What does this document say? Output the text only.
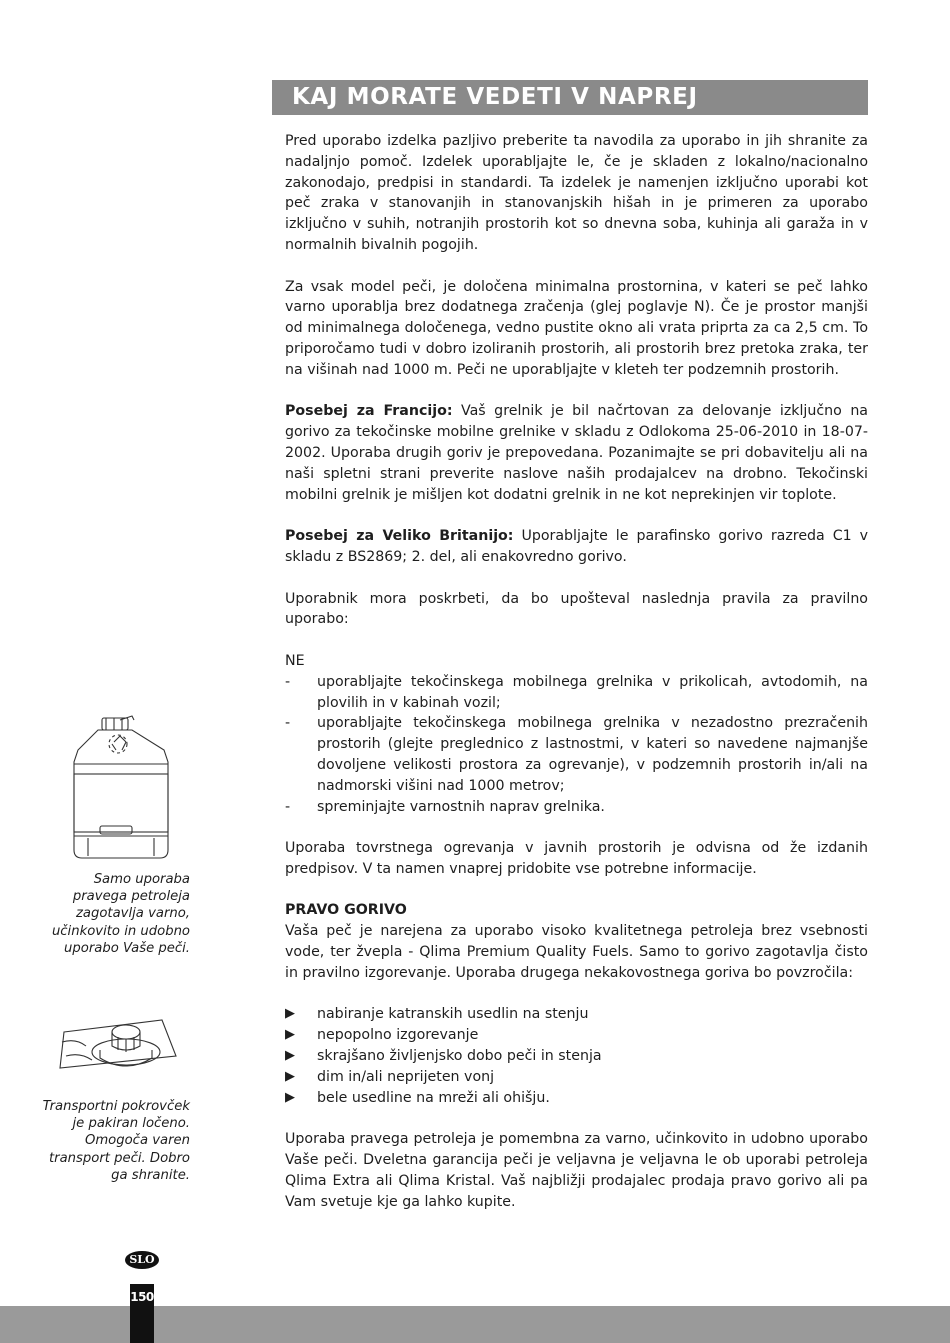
KAJ MORATE VEDETI V NAPREJ

Pred uporabo izdelka pazljivo preberite ta navodila za uporabo in jih shranite za nadaljnjo pomoč. Izdelek uporabljajte le, če je skladen z lokalno/nacionalno zakonodajo, predpisi in standardi. Ta izdelek je namenjen izključno uporabi kot peč zraka v stanovanjih in stanovanjskih hišah in je primeren za uporabo izključno v suhih, notranjih prostorih kot so dnevna soba, kuhinja ali garaža in v normalnih bivalnih pogojih.

Za vsak model peči, je določena minimalna prostornina, v kateri se peč lahko varno uporablja brez dodatnega zračenja (glej poglavje N). Če je prostor manjši od minimalnega določenega, vedno pustite okno ali vrata priprta za ca 2,5 cm. To priporočamo tudi v dobro izoliranih prostorih, ali prostorih brez pretoka zraka, ter na višinah nad 1000 m. Peči ne uporabljajte v kleteh ter podzemnih prostorih.

Posebej za Francijo: Vaš grelnik je bil načrtovan za delovanje izključno na gorivo za tekočinske mobilne grelnike v skladu z Odlokoma 25-06-2010 in 18-07-2002. Uporaba drugih goriv je prepovedana. Pozanimajte se pri dobavitelju ali na naši spletni strani preverite naslove naših prodajalcev na drobno. Tekočinski mobilni grelnik je mišljen kot dodatni grelnik in ne kot neprekinjen vir toplote.

Posebej za Veliko Britanijo: Uporabljajte le parafinsko gorivo razreda C1 v skladu z BS2869; 2. del, ali enakovredno gorivo.

Uporabnik mora poskrbeti, da bo upošteval naslednja pravila za pravilno uporabo:

NE
- uporabljajte tekočinskega mobilnega grelnika v prikolicah, avtodomih, na plovilih in v kabinah vozil;
- uporabljajte tekočinskega mobilnega grelnika v nezadostno prezračenih prostorih (glejte preglednico z lastnostmi, v kateri so navedene najmanjše dovoljene velikosti prostora za ogrevanje), v podzemnih prostorih in/ali na nadmorski višini nad 1000 metrov;
- spreminjajte varnostnih naprav grelnika.

Uporaba tovrstnega ogrevanja v javnih prostorih je odvisna od že izdanih predpisov. V ta namen vnaprej pridobite vse potrebne informacije.

PRAVO GORIVO

Vaša peč je narejena za uporabo visoko kvalitetnega petroleja brez vsebnosti vode, ter žvepla - Qlima Premium Quality Fuels. Samo to gorivo zagotavlja čisto in pravilno izgorevanje. Uporaba drugega nekakovostnega goriva bo povzročila:

▶ nabiranje katranskih usedlin na stenju
▶ nepopolno izgorevanje
▶ skrajšano življenjsko dobo peči in stenja
▶ dim in/ali neprijeten vonj
▶ bele usedline na mreži ali ohišju.

Uporaba pravega petroleja je pomembna za varno, učinkovito in udobno uporabo Vaše peči. Dveletna garancija peči je veljavna je veljavna le ob uporabi petroleja Qlima Extra ali Qlima Kristal. Vaš najbližji prodajalec prodaja pravo gorivo ali pa Vam svetuje kje ga lahko kupite.

Samo uporaba pravega petroleja zagotavlja varno, učinkovito in udobno uporabo Vaše peči.
Transportni pokrovček je pakiran ločeno. Omogoča varen transport peči. Dobro ga shranite.
SLO
150
